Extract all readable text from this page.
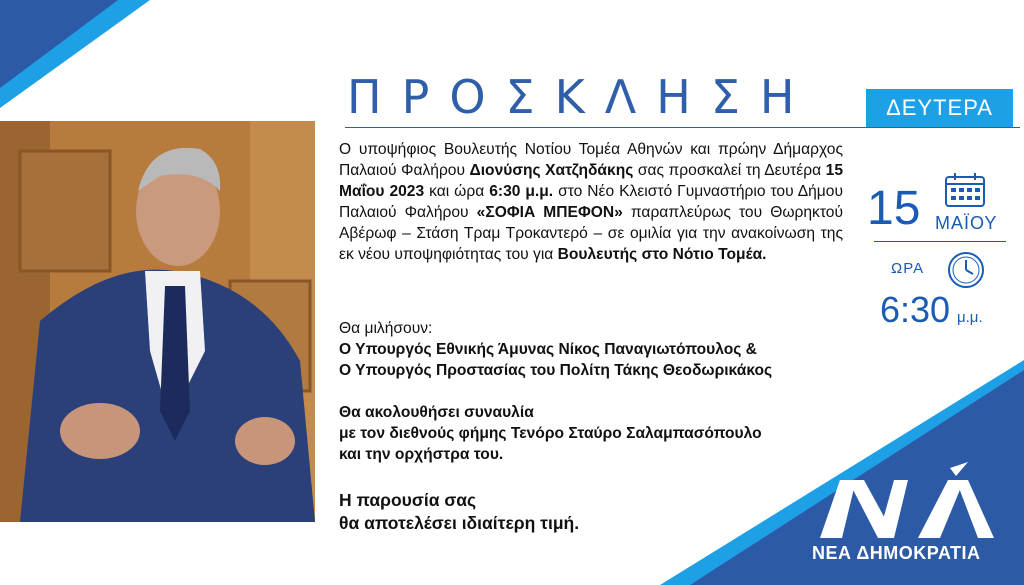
ΝΕΑ ΔΗΜΟΚΡΑΤΙΑ
ΠΡΟΣΚΛΗΣΗ	ΔΕΥΤΕΡΑ
Ο υποψήφιος Βουλευτής Νοτίου Τομέα Αθηνών και πρώην Δήμαρχος Παλαιού Φαλήρου Διονύσης Χατζηδάκης σας προσκαλεί τη Δευτέρα 15 Μαΐου 2023 και ώρα 6:30 μ.μ. στο Νέο Κλειστό Γυμναστήριο του Δήμου Παλαιού Φαλήρου «ΣΟΦΙΑ ΜΠΕΦΟΝ» παραπλεύρως του Θωρηκτού Αβέρωφ – Στάση Τραμ Τροκαντερό – σε ομιλία για την ανακοίνωση της εκ νέου υποψηφιότητας του για Βουλευτής στο Νότιο Τομέα.
Θα μιλήσουν:
Ο Υπουργός Εθνικής Άμυνας Νίκος Παναγιωτόπουλος &
Ο Υπουργός Προστασίας του Πολίτη Τάκης Θεοδωρικάκος
Θα ακολουθήσει συναυλία
με τον διεθνούς φήμης Τενόρο Σταύρο Σαλαμπασόπουλο
και την ορχήστρα του.
Η παρουσία σας
θα αποτελέσει ιδιαίτερη τιμή.
15 ΜΑΪΟΥ
ΩΡΑ
6:30 μ.μ.
